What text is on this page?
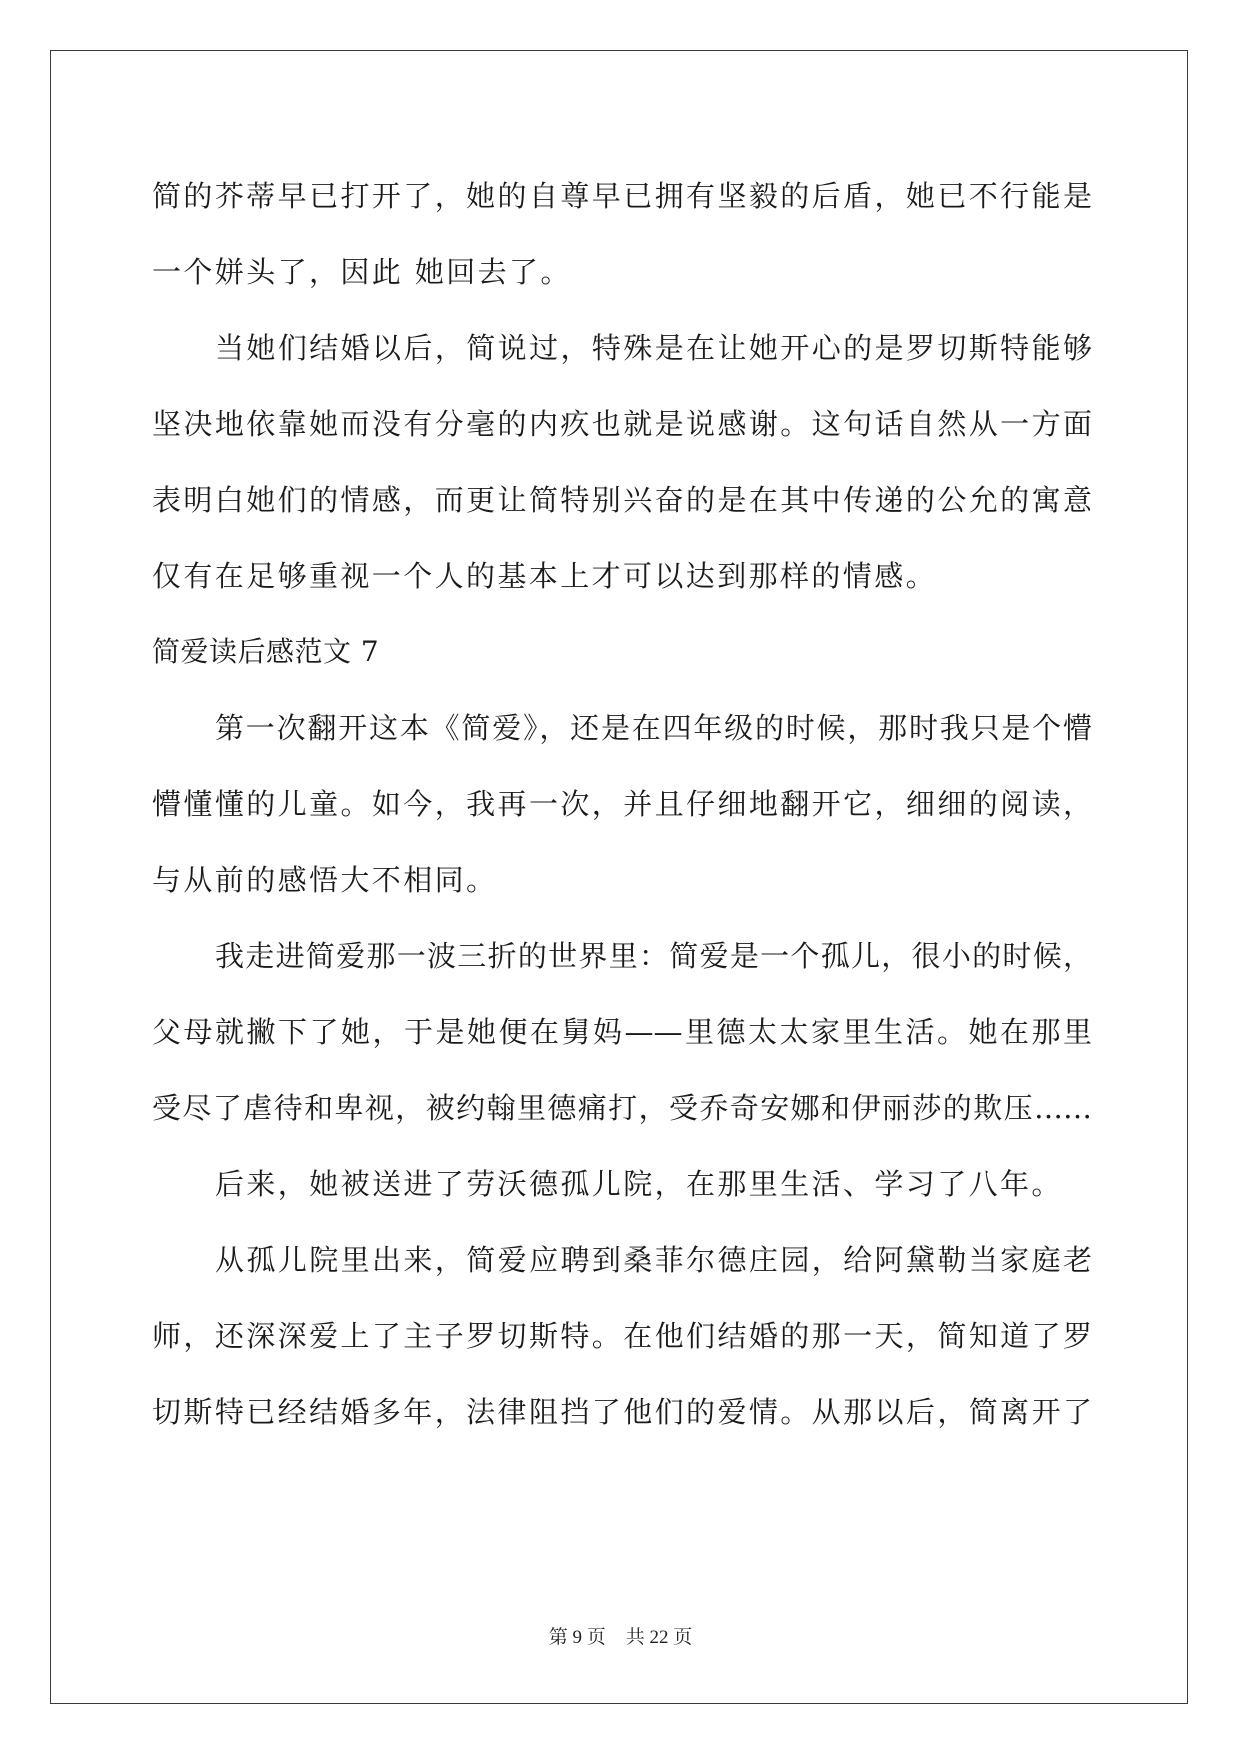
简的芥蒂早已打开了，她的自尊早已拥有坚毅的后盾，她已不行能是
一个姘头了，因此 她回去了。
当她们结婚以后，简说过，特殊是在让她开心的是罗切斯特能够
坚决地依靠她而没有分毫的内疚也就是说感谢。这句话自然从一方面
表明白她们的情感，而更让简特别兴奋的是在其中传递的公允的寓意
仅有在足够重视一个人的基本上才可以达到那样的情感。
简爱读后感范文 7
第一次翻开这本《简爱》，还是在四年级的时候，那时我只是个懵
懵懂懂的儿童。如今，我再一次，并且仔细地翻开它，细细的阅读，
与从前的感悟大不相同。
我走进简爱那一波三折的世界里：简爱是一个孤儿，很小的时候，
父母就撇下了她，于是她便在舅妈——里德太太家里生活。她在那里
受尽了虐待和卑视，被约翰里德痛打，受乔奇安娜和伊丽莎的欺压……
后来，她被送进了劳沃德孤儿院，在那里生活、学习了八年。
从孤儿院里出来，简爱应聘到桑菲尔德庄园，给阿黛勒当家庭老
师，还深深爱上了主子罗切斯特。在他们结婚的那一天，简知道了罗
切斯特已经结婚多年，法律阻挡了他们的爱情。从那以后，简离开了
第 9 页 共 22 页
